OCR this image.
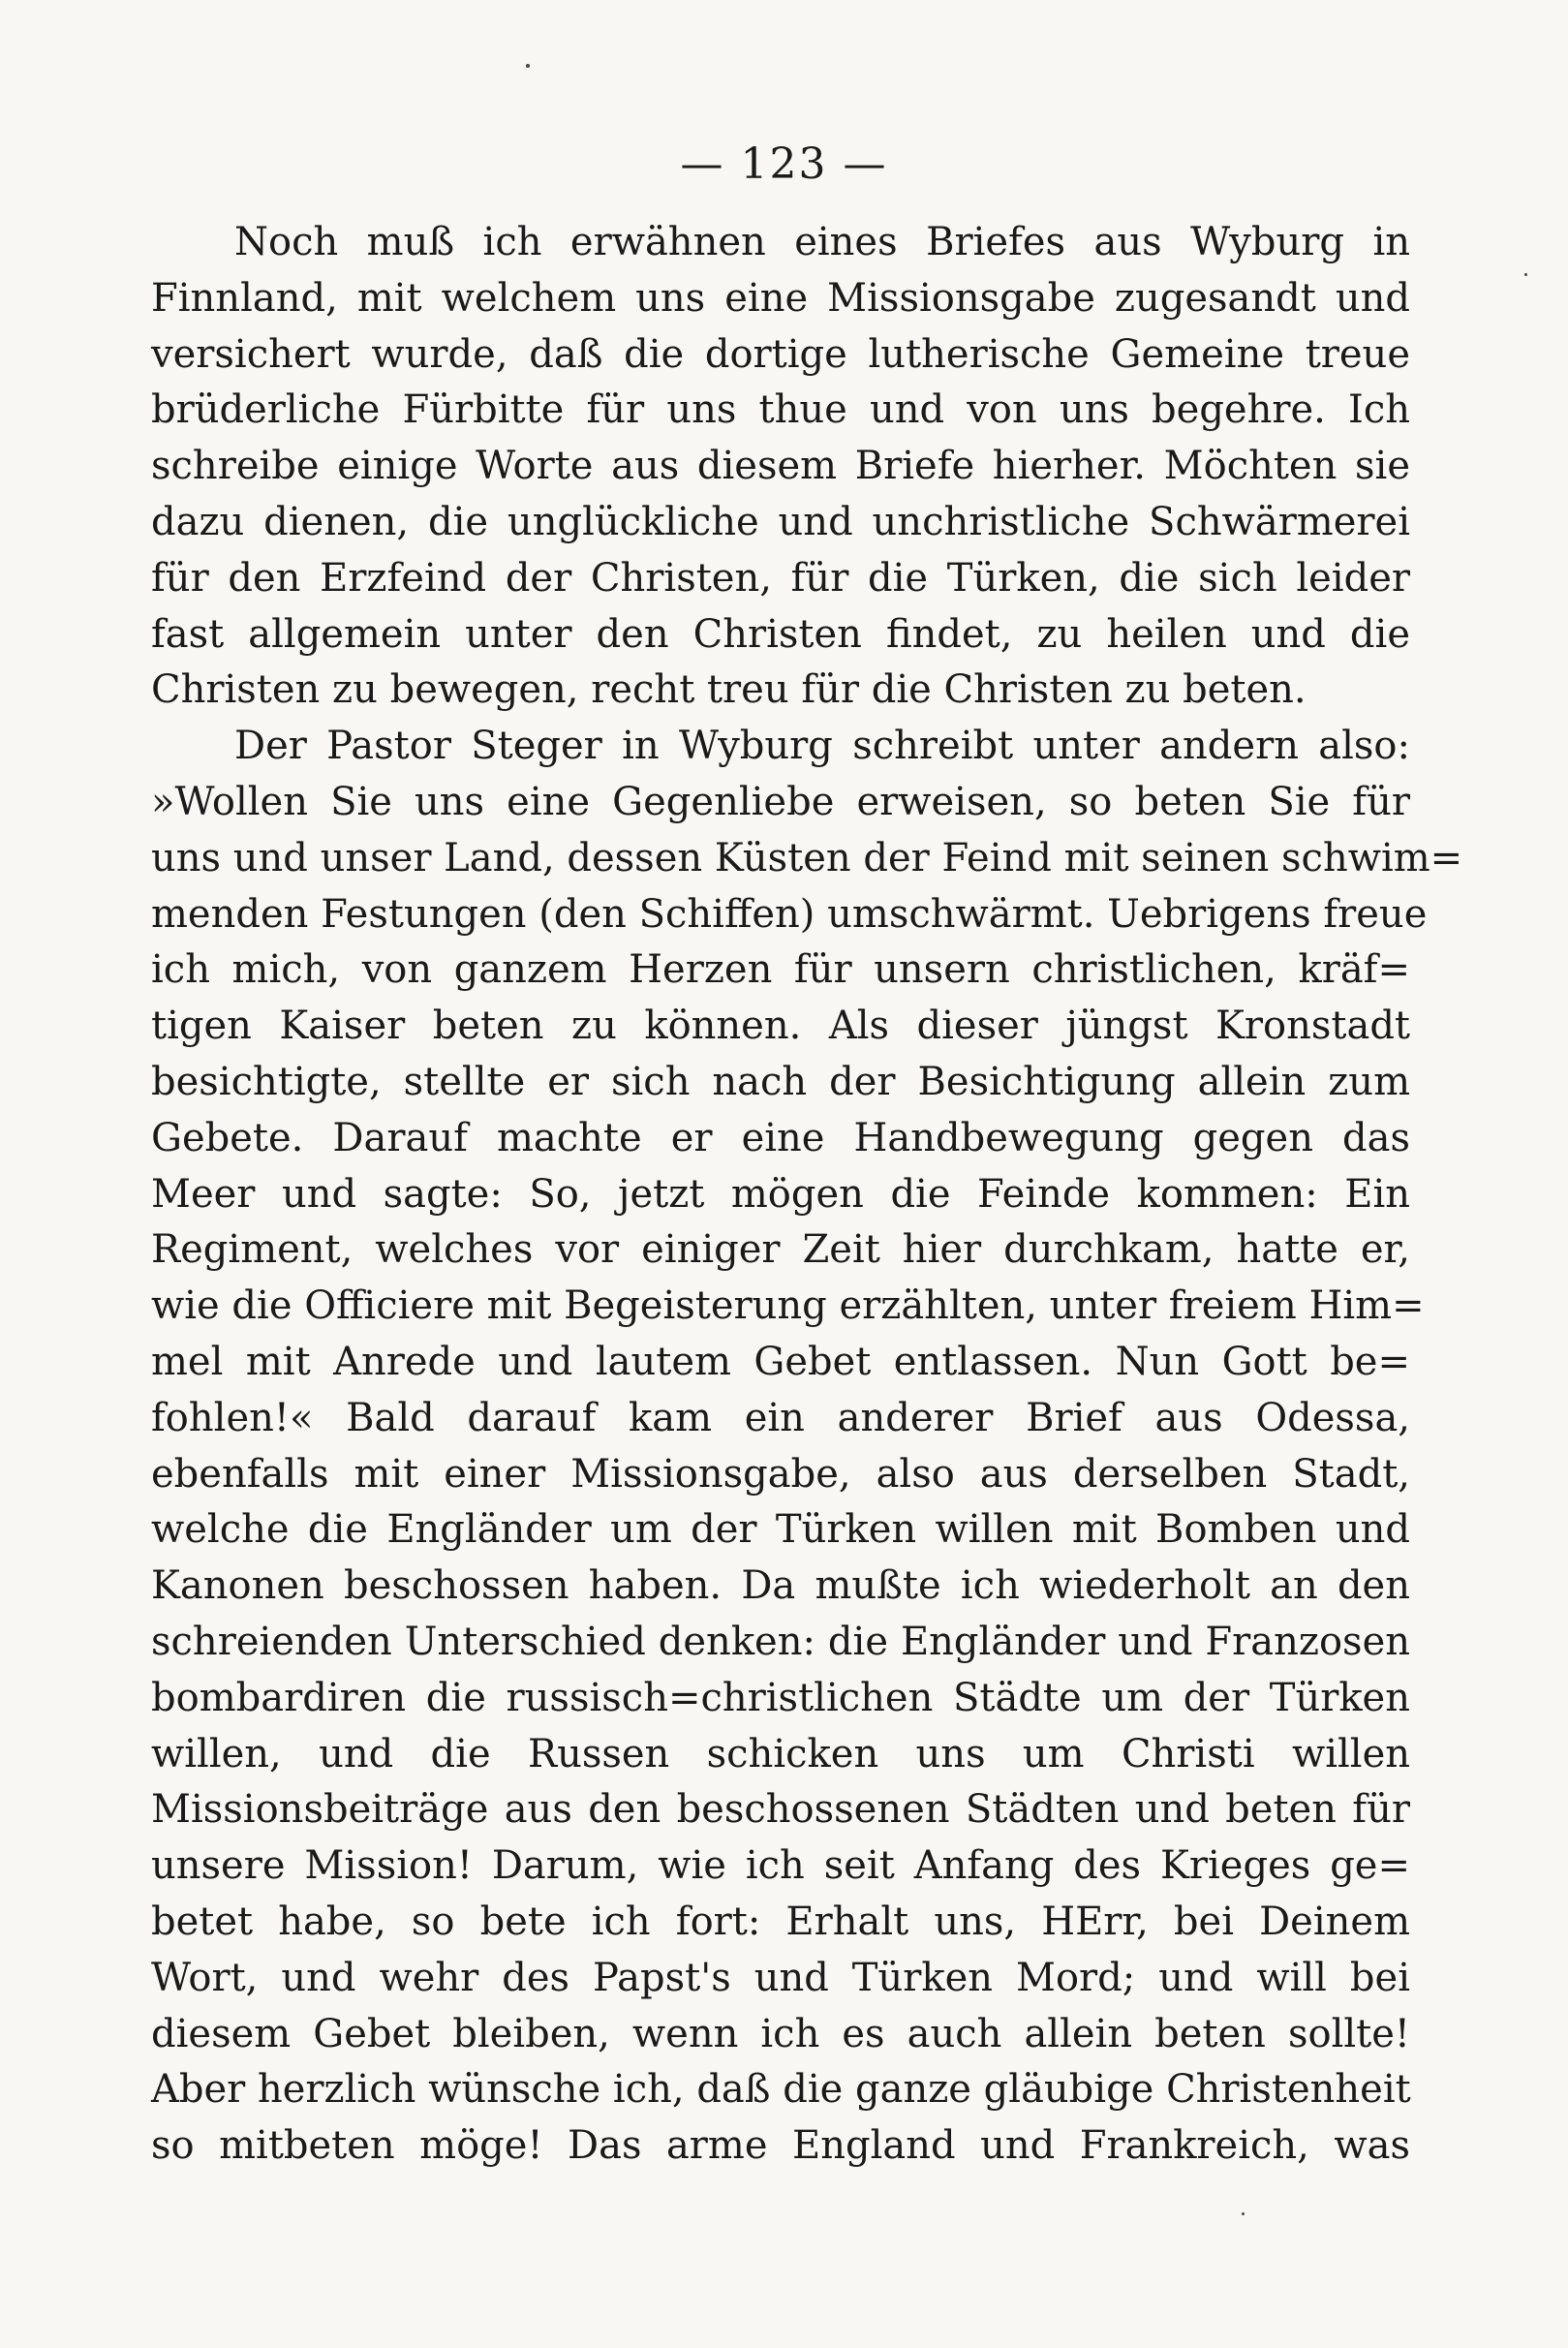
— 123 —
Noch muß ich erwähnen eines Briefes aus Wyburg in
Finnland, mit welchem uns eine Missionsgabe zugesandt und
versichert wurde, daß die dortige lutherische Gemeine treue
brüderliche Fürbitte für uns thue und von uns begehre. Ich
schreibe einige Worte aus diesem Briefe hierher. Möchten sie
dazu dienen, die unglückliche und unchristliche Schwärmerei
für den Erzfeind der Christen, für die Türken, die sich leider
fast allgemein unter den Christen findet, zu heilen und die
Christen zu bewegen, recht treu für die Christen zu beten.
Der Pastor Steger in Wyburg schreibt unter andern also:
»Wollen Sie uns eine Gegenliebe erweisen, so beten Sie für
uns und unser Land, dessen Küsten der Feind mit seinen schwim=
menden Festungen (den Schiffen) umschwärmt. Uebrigens freue
ich mich, von ganzem Herzen für unsern christlichen, kräf=
tigen Kaiser beten zu können. Als dieser jüngst Kronstadt
besichtigte, stellte er sich nach der Besichtigung allein zum
Gebete. Darauf machte er eine Handbewegung gegen das
Meer und sagte: So, jetzt mögen die Feinde kommen: Ein
Regiment, welches vor einiger Zeit hier durchkam, hatte er,
wie die Officiere mit Begeisterung erzählten, unter freiem Him=
mel mit Anrede und lautem Gebet entlassen. Nun Gott be=
fohlen!« Bald darauf kam ein anderer Brief aus Odessa,
ebenfalls mit einer Missionsgabe, also aus derselben Stadt,
welche die Engländer um der Türken willen mit Bomben und
Kanonen beschossen haben. Da mußte ich wiederholt an den
schreienden Unterschied denken: die Engländer und Franzosen
bombardiren die russisch=christlichen Städte um der Türken
willen, und die Russen schicken uns um Christi willen
Missionsbeiträge aus den beschossenen Städten und beten für
unsere Mission! Darum, wie ich seit Anfang des Krieges ge=
betet habe, so bete ich fort: Erhalt uns, HErr, bei Deinem
Wort, und wehr des Papst's und Türken Mord; und will bei
diesem Gebet bleiben, wenn ich es auch allein beten sollte!
Aber herzlich wünsche ich, daß die ganze gläubige Christenheit
so mitbeten möge! Das arme England und Frankreich, was
